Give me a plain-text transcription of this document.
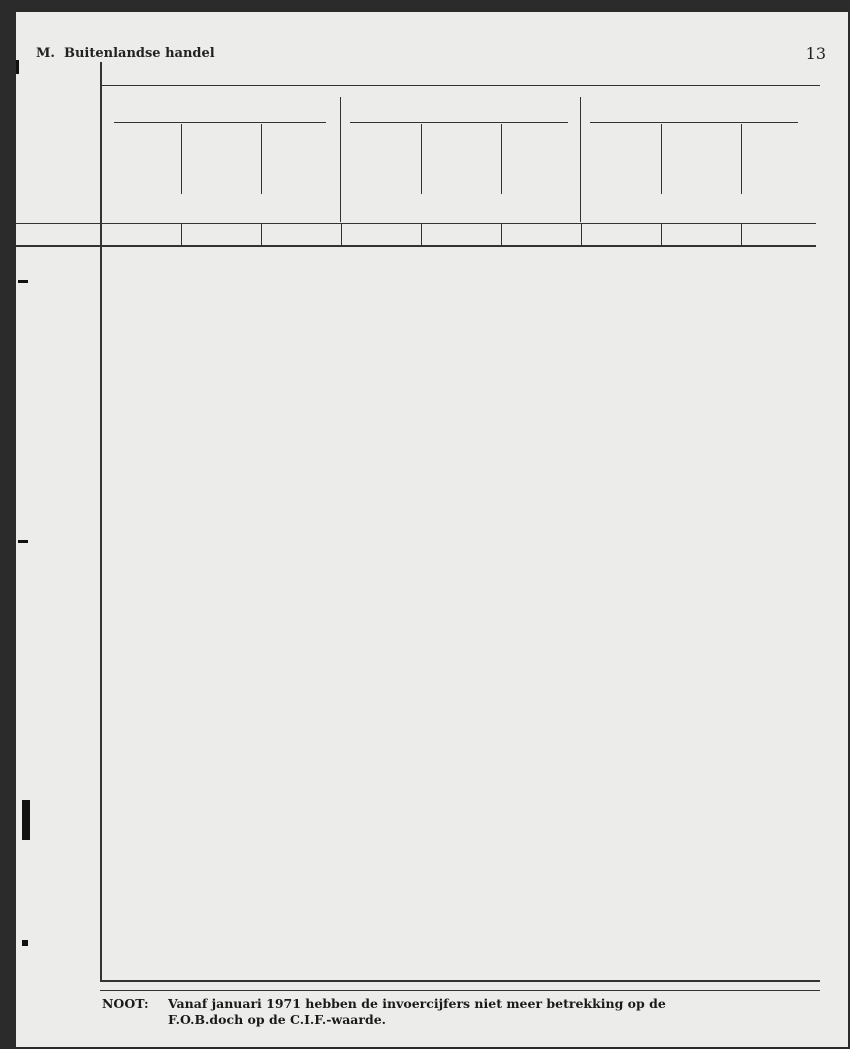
M. Buitenlandse handel	13
NOOT: Vanaf januari 1971 hebben de invoercijfers niet meer betrekking op de
F.O.B.doch op de C.I.F.-waarde.
